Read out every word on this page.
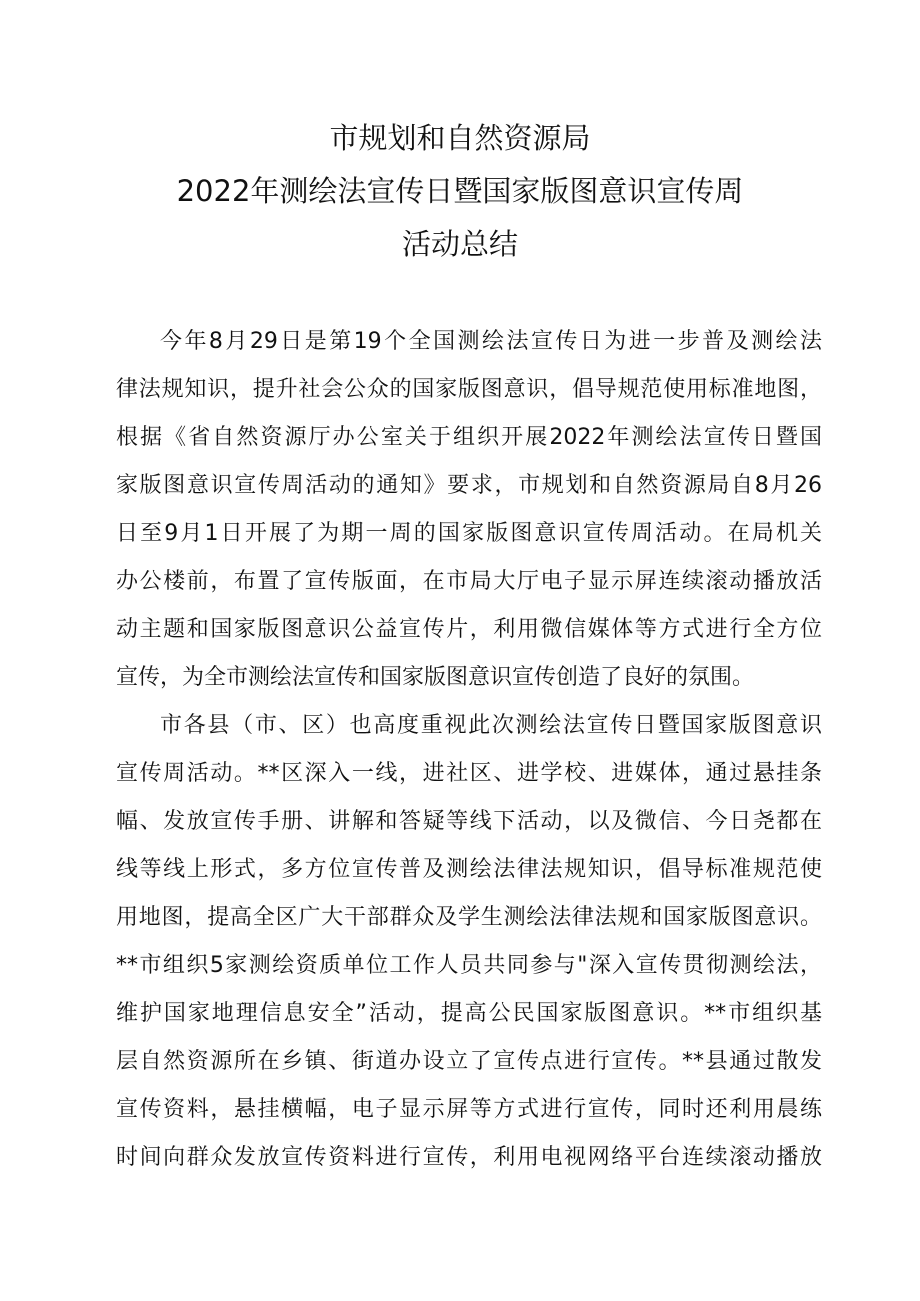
市规划和自然资源局
2022年测绘法宣传日暨国家版图意识宣传周
活动总结
今年8月29日是第19个全国测绘法宣传日为进一步普及测绘法
律法规知识，提升社会公众的国家版图意识，倡导规范使用标准地图，
根据《省自然资源厅办公室关于组织开展2022年测绘法宣传日暨国
家版图意识宣传周活动的通知》要求，市规划和自然资源局自8月26
日至9月1日开展了为期一周的国家版图意识宣传周活动。在局机关
办公楼前，布置了宣传版面，在市局大厅电子显示屏连续滚动播放活
动主题和国家版图意识公益宣传片，利用微信媒体等方式进行全方位
宣传，为全市测绘法宣传和国家版图意识宣传创造了良好的氛围。
市各县（市、区）也高度重视此次测绘法宣传日暨国家版图意识
宣传周活动。**区深入一线，进社区、进学校、进媒体，通过悬挂条
幅、发放宣传手册、讲解和答疑等线下活动，以及微信、今日尧都在
线等线上形式，多方位宣传普及测绘法律法规知识，倡导标准规范使
用地图，提高全区广大干部群众及学生测绘法律法规和国家版图意识。
**市组织5家测绘资质单位工作人员共同参与"深入宣传贯彻测绘法，
维护国家地理信息安全”活动，提高公民国家版图意识。**市组织基
层自然资源所在乡镇、街道办设立了宣传点进行宣传。**县通过散发
宣传资料，悬挂横幅，电子显示屏等方式进行宣传，同时还利用晨练
时间向群众发放宣传资料进行宣传，利用电视网络平台连续滚动播放
